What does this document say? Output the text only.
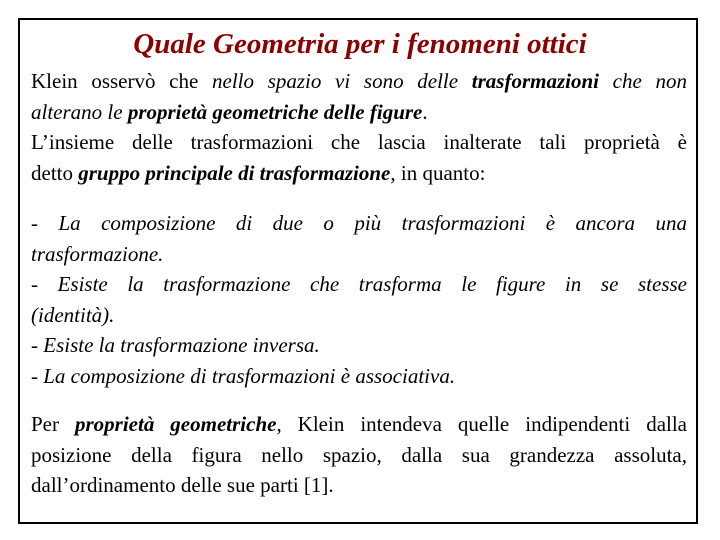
Quale Geometria per i fenomeni ottici
Klein osservò che nello spazio vi sono delle trasformazioni che non
alterano le proprietà geometriche delle figure.
L’insieme delle trasformazioni che lascia inalterate tali proprietà è
detto gruppo principale di trasformazione, in quanto:
- La composizione di due o più trasformazioni è ancora una
trasformazione.
- Esiste la trasformazione che trasforma le figure in se stesse
(identità).
- Esiste la trasformazione inversa.
- La composizione di trasformazioni è associativa.
Per proprietà geometriche, Klein intendeva quelle indipendenti dalla
posizione della figura nello spazio, dalla sua grandezza assoluta,
dall’ordinamento delle sue parti [1].
